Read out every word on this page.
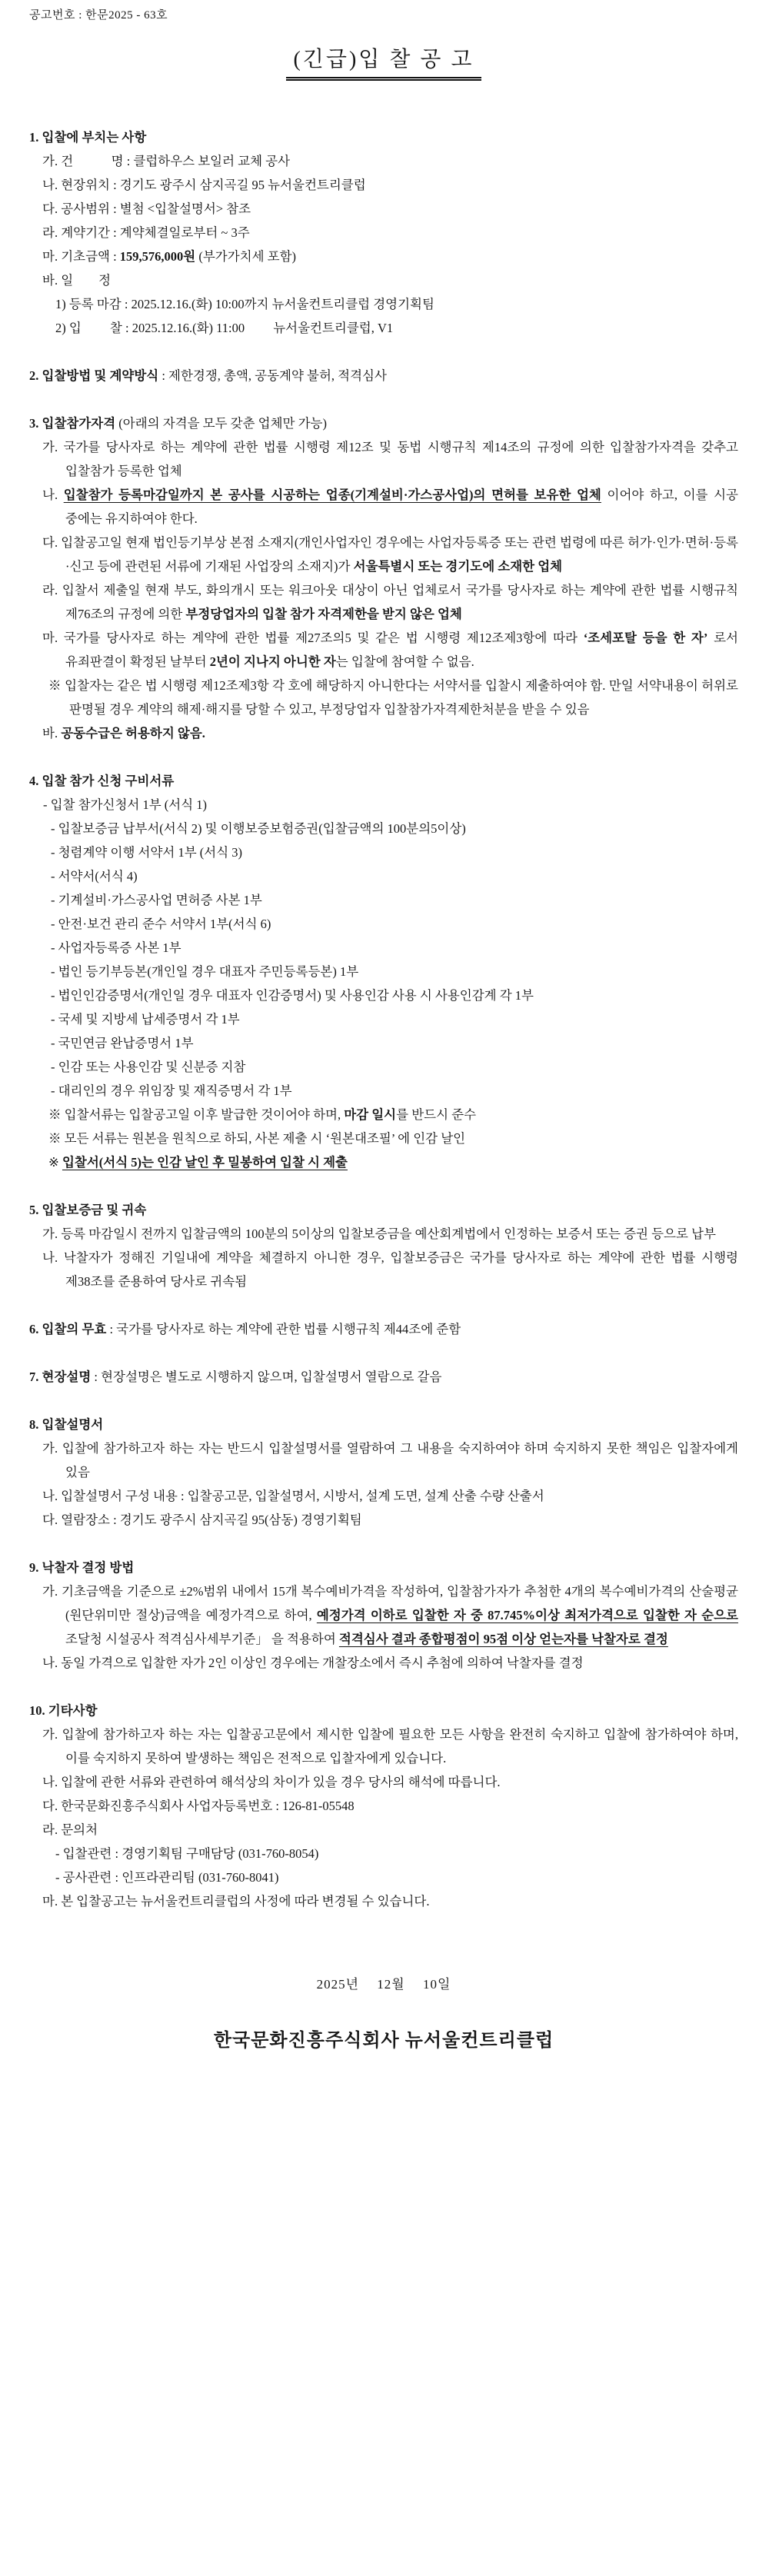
공고번호 : 한문2025 - 63호
(긴급)입 찰 공 고
1. 입찰에 부치는 사항
가. 건　　　명 : 클럽하우스 보일러 교체 공사
나. 현장위치 : 경기도 광주시 삼지곡길 95 뉴서울컨트리클럽
다. 공사범위 : 별첨 <입찰설명서> 참조
라. 계약기간 : 계약체결일로부터 ~ 3주
마. 기초금액 : 159,576,000원 (부가가치세 포함)
바. 일　　정
1) 등록 마감 : 2025.12.16.(화) 10:00까지 뉴서울컨트리클럽 경영기획팀
2) 입　　 찰 : 2025.12.16.(화) 11:00　　 뉴서울컨트리클럽, V1
2. 입찰방법 및 계약방식 : 제한경쟁, 총액, 공동계약 불허, 적격심사
3. 입찰참가자격 (아래의 자격을 모두 갖춘 업체만 가능)
가. 국가를 당사자로 하는 계약에 관한 법률 시행령 제12조 및 동법 시행규칙 제14조의 규정에 의한 입찰참가자격을 갖추고 입찰참가 등록한 업체
나. 입찰참가 등록마감일까지 본 공사를 시공하는 업종(기계설비·가스공사업)의 면허를 보유한 업체 이어야 하고, 이를 시공 중에는 유지하여야 한다.
다. 입찰공고일 현재 법인등기부상 본점 소재지(개인사업자인 경우에는 사업자등록증 또는 관련 법령에 따른 허가·인가·면허·등록·신고 등에 관련된 서류에 기재된 사업장의 소재지)가 서울특별시 또는 경기도에 소재한 업체
라. 입찰서 제출일 현재 부도, 화의개시 또는 워크아웃 대상이 아닌 업체로서 국가를 당사자로 하는 계약에 관한 법률 시행규칙 제76조의 규정에 의한 부정당업자의 입찰 참가 자격제한을 받지 않은 업체
마. 국가를 당사자로 하는 계약에 관한 법률 제27조의5 및 같은 법 시행령 제12조제3항에 따라 ‘조세포탈 등을 한 자’ 로서 유죄판결이 확정된 날부터 2년이 지나지 아니한 자는 입찰에 참여할 수 없음.
※ 입찰자는 같은 법 시행령 제12조제3항 각 호에 해당하지 아니한다는 서약서를 입찰시 제출하여야 함. 만일 서약내용이 허위로 판명될 경우 계약의 해제·해지를 당할 수 있고, 부정당업자 입찰참가자격제한처분을 받을 수 있음
바. 공동수급은 허용하지 않음.
4. 입찰 참가 신청 구비서류
- 입찰 참가신청서 1부 (서식 1)
- 입찰보증금 납부서(서식 2) 및 이행보증보험증권(입찰금액의 100분의5이상)
- 청렴계약 이행 서약서 1부 (서식 3)
- 서약서(서식 4)
- 기계설비·가스공사업 면허증 사본 1부
- 안전·보건 관리 준수 서약서 1부(서식 6)
- 사업자등록증 사본 1부
- 법인 등기부등본(개인일 경우 대표자 주민등록등본) 1부
- 법인인감증명서(개인일 경우 대표자 인감증명서) 및 사용인감 사용 시 사용인감계 각 1부
- 국세 및 지방세 납세증명서 각 1부
- 국민연금 완납증명서 1부
- 인감 또는 사용인감 및 신분증 지참
- 대리인의 경우 위임장 및 재직증명서 각 1부
※ 입찰서류는 입찰공고일 이후 발급한 것이어야 하며, 마감 일시를 반드시 준수
※ 모든 서류는 원본을 원칙으로 하되, 사본 제출 시 ‘원본대조필’ 에 인감 날인
※ 입찰서(서식 5)는 인감 날인 후 밀봉하여 입찰 시 제출
5. 입찰보증금 및 귀속
가. 등록 마감일시 전까지 입찰금액의 100분의 5이상의 입찰보증금을 예산회계법에서 인정하는 보증서 또는 증권 등으로 납부
나. 낙찰자가 정해진 기일내에 계약을 체결하지 아니한 경우, 입찰보증금은 국가를 당사자로 하는 계약에 관한 법률 시행령 제38조를 준용하여 당사로 귀속됨
6. 입찰의 무효 : 국가를 당사자로 하는 계약에 관한 법률 시행규칙 제44조에 준함
7. 현장설명 : 현장설명은 별도로 시행하지 않으며, 입찰설명서 열람으로 갈음
8. 입찰설명서
가. 입찰에 참가하고자 하는 자는 반드시 입찰설명서를 열람하여 그 내용을 숙지하여야 하며 숙지하지 못한 책임은 입찰자에게 있음
나. 입찰설명서 구성 내용 : 입찰공고문, 입찰설명서, 시방서, 설계 도면, 설계 산출 수량 산출서
다. 열람장소 : 경기도 광주시 삼지곡길 95(삼동) 경영기획팀
9. 낙찰자 결정 방법
가. 기초금액을 기준으로 ±2%범위 내에서 15개 복수예비가격을 작성하여, 입찰참가자가 추첨한 4개의 복수예비가격의 산술평균(원단위미만 절상)금액을 예정가격으로 하여, 예정가격 이하로 입찰한 자 중 87.745%이상 최저가격으로 입찰한 자 순으로 조달청 시설공사 적격심사세부기준」 을 적용하여 적격심사 결과 종합평점이 95점 이상 얻는자를 낙찰자로 결정
나. 동일 가격으로 입찰한 자가 2인 이상인 경우에는 개찰장소에서 즉시 추첨에 의하여 낙찰자를 결정
10. 기타사항
가. 입찰에 참가하고자 하는 자는 입찰공고문에서 제시한 입찰에 필요한 모든 사항을 완전히 숙지하고 입찰에 참가하여야 하며, 이를 숙지하지 못하여 발생하는 책임은 전적으로 입찰자에게 있습니다.
나. 입찰에 관한 서류와 관련하여 해석상의 차이가 있을 경우 당사의 해석에 따릅니다.
다. 한국문화진흥주식회사 사업자등록번호 : 126-81-05548
라. 문의처
- 입찰관련 : 경영기획팀 구매담당 (031-760-8054)
- 공사관련 : 인프라관리팀 (031-760-8041)
마. 본 입찰공고는 뉴서울컨트리클럽의 사정에 따라 변경될 수 있습니다.
2025년　 12월 　10일
한국문화진흥주식회사 뉴서울컨트리클럽
